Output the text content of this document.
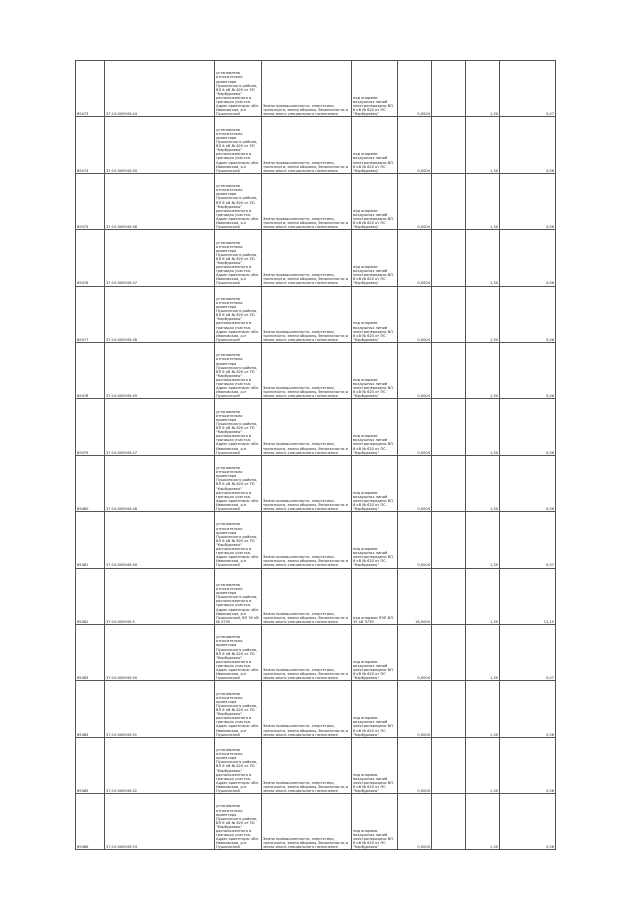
89473	37:10:000945:44	установлено относительно ориентира Пушкинского района, ВЛ 6 кВ № 620 от ПС "Карбуровец" расположенного в границах участка. Адрес ориентира: обл. Ивановская, р-н Пушкинский	Земли промышленности, энергетики, транспорта, земли обороны, безопасности и земли иного специального назначения	под опорами воздушных линий электропередачи ВЛ 6 кВ № 620 от ПС "Карбуровец"	0,0004		1,30	0,07
89474	37:10:000945:45	установлено относительно ориентира Пушкинского района, ВЛ 6 кВ № 620 от ПС "Карбуровец" расположенного в границах участка. Адрес ориентира: обл. Ивановская, р-н Пушкинский	Земли промышленности, энергетики, транспорта, земли обороны, безопасности и земли иного специального назначения	под опорами воздушных линий электропередачи ВЛ 6 кВ № 620 от ПС "Карбуровец"	0,0004		1,30	0,06
89475	37:10:000945:46	установлено относительно ориентира Пушкинского района, ВЛ 6 кВ № 620 от ПС "Карбуровец" расположенного в границах участка. Адрес ориентира: обл. Ивановская, р-н Пушкинский	Земли промышленности, энергетики, транспорта, земли обороны, безопасности и земли иного специального назначения	под опорами воздушных линий электропередачи ВЛ 6 кВ № 620 от ПС "Карбуровец"	0,0004		1,30	0,06
89476	37:10:000945:47	установлено относительно ориентира Пушкинского района, ВЛ 6 кВ № 620 от ПС "Карбуровец" расположенного в границах участка. Адрес ориентира: обл. Ивановская, р-н Пушкинский	Земли промышленности, энергетики, транспорта, земли обороны, безопасности и земли иного специального назначения	под опорами воздушных линий электропередачи ВЛ 6 кВ № 620 от ПС "Карбуровец"	0,0004		1,30	0,06
89477	37:10:000945:48	установлено относительно ориентира Пушкинского района, ВЛ 6 кВ № 620 от ПС "Карбуровец" расположенного в границах участка. Адрес ориентира: обл. Ивановская, р-н Пушкинский	Земли промышленности, энергетики, транспорта, земли обороны, безопасности и земли иного специального назначения	под опорами воздушных линий электропередачи ВЛ 6 кВ № 620 от ПС "Карбуровец"	0,0004		1,30	0,06
89478	37:10:000945:49	установлено относительно ориентира Пушкинского района, ВЛ 6 кВ № 620 от ПС "Карбуровец" расположенного в границах участка. Адрес ориентира: обл. Ивановская, р-н Пушкинский	Земли промышленности, энергетики, транспорта, земли обороны, безопасности и земли иного специального назначения	под опорами воздушных линий электропередачи ВЛ 6 кВ № 620 от ПС "Карбуровец"	0,0004		1,30	0,06
89479	37:10:000945:47	установлено относительно ориентира Пушкинского района, ВЛ 6 кВ № 620 от ПС "Карбуровец" расположенного в границах участка. Адрес ориентира: обл. Ивановская, р-н Пушкинский	Земли промышленности, энергетики, транспорта, земли обороны, безопасности и земли иного специального назначения	под опорами воздушных линий электропередачи ВЛ 6 кВ № 620 от ПС "Карбуровец"	0,0004		1,30	0,06
89480	37:10:000945:48	установлено относительно ориентира Пушкинского района, ВЛ 6 кВ № 620 от ПС "Карбуровец" расположенного в границах участка. Адрес ориентира: обл. Ивановская, р-н Пушкинский	Земли промышленности, энергетики, транспорта, земли обороны, безопасности и земли иного специального назначения	под опорами воздушных линий электропередачи ВЛ 6 кВ № 620 от ПС "Карбуровец"	0,0004		1,30	0,06
89481	37:10:000945:49	установлено относительно ориентира Пушкинского района, ВЛ 6 кВ № 620 от ПС "Карбуровец" расположенного в границах участка. Адрес ориентира: обл. Ивановская, р-н Пушкинский	Земли промышленности, энергетики, транспорта, земли обороны, безопасности и земли иного специального назначения	под опорами воздушных линий электропередачи ВЛ 6 кВ № 620 от ПС "Карбуровец"	0,0004		1,30	0,07
89482	37:10:000945:5	установлено относительно ориентира Пушкинского района, расположенного в границах участка. Адрес ориентира: обл. Ивановская, р-н Пушкинский, ВЛ 35 кВ № 3739	Земли промышленности, энергетики, транспорта, земли обороны, безопасности и земли иного специального назначения	под опорами ЛЭП ВЛ 35 кВ 3739	16,0000		1,30	12,15
89483	37:10:000945:50	установлено относительно ориентира Пушкинского района, ВЛ 6 кВ № 620 от ПС "Карбуровец" расположенного в границах участка. Адрес ориентира: обл. Ивановская, р-н Пушкинский	Земли промышленности, энергетики, транспорта, земли обороны, безопасности и земли иного специального назначения	под опорами воздушных линий электропередачи ВЛ 6 кВ № 620 от ПС "Карбуровец"	0,0004		1,30	0,07
89484	37:10:000945:51	установлено относительно ориентира Пушкинского района, ВЛ 6 кВ № 620 от ПС "Карбуровец" расположенного в границах участка. Адрес ориентира: обл. Ивановская, р-н Пушкинский	Земли промышленности, энергетики, транспорта, земли обороны, безопасности и земли иного специального назначения	под опорами воздушных линий электропередачи ВЛ 6 кВ № 620 от ПС "Карбуровец"	0,0004		1,30	0,06
89485	37:10:000945:52	установлено относительно ориентира Пушкинского района, ВЛ 6 кВ № 620 от ПС "Карбуровец" расположенного в границах участка. Адрес ориентира: обл. Ивановская, р-н Пушкинский	Земли промышленности, энергетики, транспорта, земли обороны, безопасности и земли иного специального назначения	под опорами воздушных линий электропередачи ВЛ 6 кВ № 620 от ПС "Карбуровец"	0,0004		1,30	0,06
89486	37:10:000945:53	установлено относительно ориентира Пушкинского района, ВЛ 6 кВ № 620 от ПС "Карбуровец" расположенного в границах участка. Адрес ориентира: обл. Ивановская, р-н Пушкинский	Земли промышленности, энергетики, транспорта, земли обороны, безопасности и земли иного специального назначения	под опорами воздушных линий электропередачи ВЛ 6 кВ № 620 от ПС "Карбуровец"	0,0004		1,30	0,06
